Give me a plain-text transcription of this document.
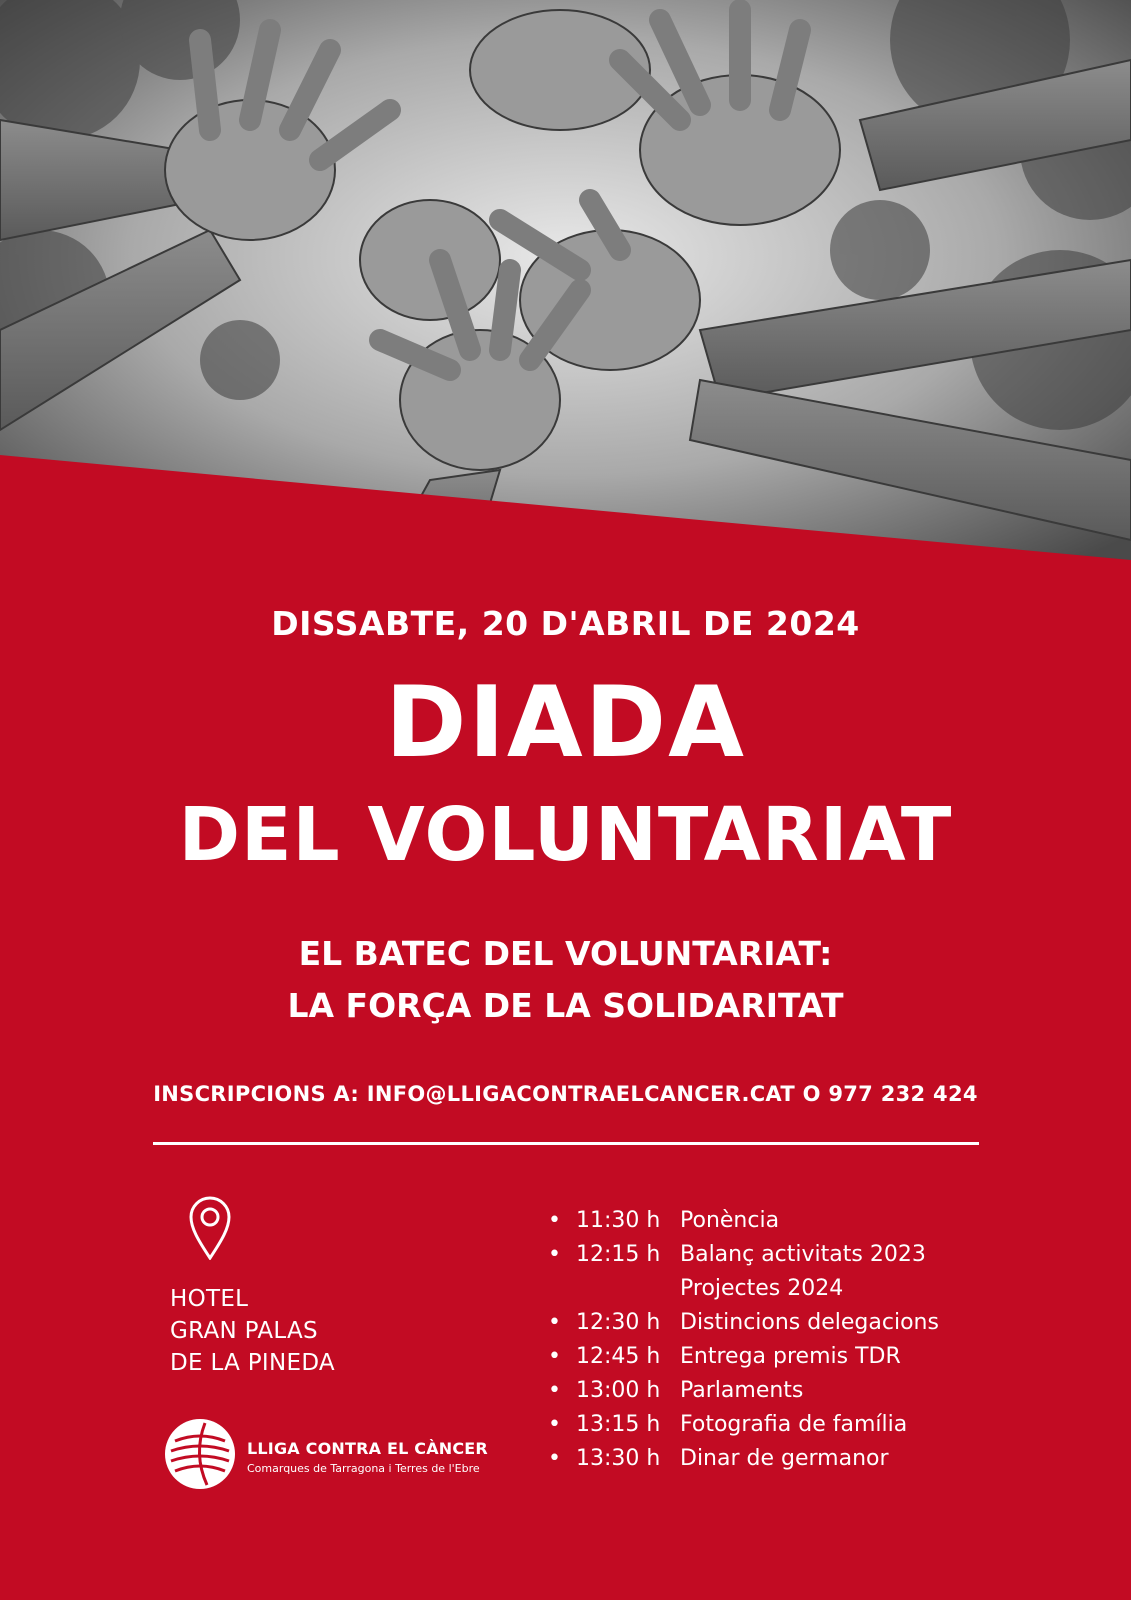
DISSABTE, 20 D'ABRIL DE 2024
DIADA
DEL VOLUNTARIAT
EL BATEC DEL VOLUNTARIAT:
LA FORÇA DE LA SOLIDARITAT
INSCRIPCIONS A: INFO@LLIGACONTRAELCANCER.CAT O 977 232 424
HOTEL
GRAN PALAS
DE LA PINEDA
LLIGA CONTRA EL CÀNCER
Comarques de Tarragona i Terres de l'Ebre
• 11:30 h Ponència
• 12:15 h Balanç activitats 2023
Projectes 2024
• 12:30 h Distincions delegacions
• 12:45 h Entrega premis TDR
• 13:00 h Parlaments
• 13:15 h Fotografia de família
• 13:30 h Dinar de germanor
